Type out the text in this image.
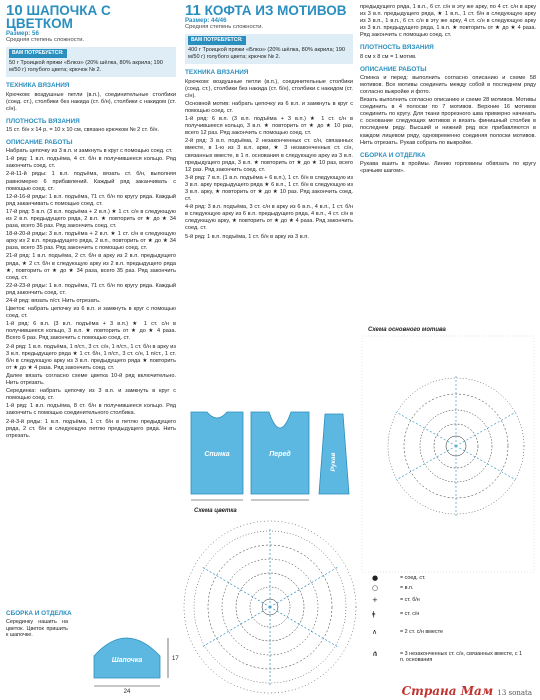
10 ШАПОЧКА С ЦВЕТКОМ
Размер: 56
Средняя степень сложности.
ВАМ ПОТРЕБУЕТСЯ:
50 г Троицкой пряжи «Блюз» (20% шёлка, 80% акрила; 190 м/50 г) голубого цвета; крючок № 2.
ТЕХНИКА ВЯЗАНИЯ
Крючком: воздушные петли (в.п.), соединительные столбики (соед. ст.), столбики без накида (ст. б/н), столбики с накидом (ст. с/н).
ПЛОТНОСТЬ ВЯЗАНИЯ
15 ст. б/н x 14 р. = 10 x 10 см, связано крючком № 2 ст. б/н.
ОПИСАНИЕ РАБОТЫ
Набрать цепочку из 3 в.п. и замкнуть в круг с помощью соед. ст.
1-й ряд: 1 в.п. подъёма, 4 ст. б/н в получившееся кольцо. Ряд закончить соед. ст.
2-й-11-й ряды: 1 в.п. подъёма, вязать ст. б/н, выполняя равномерно 6 прибавлений. Каждый ряд заканчивать с помощью соед. ст.
12-й-16-й ряды: 1 в.п. подъёма, 71 ст. б/н по кругу ряда. Каждый ряд заканчивать с помощью соед. ст.
17-й ряд: 5 в.п. (3 в.п. подъёма + 2 в.п.) ★ 1 ст. с/н в следующую из 2 в.п. предыдущего ряда, 2 в.п. ★ повторить от ★ до ★ 34 раза, всего 36 раз. Ряд закончить соед. ст.
18-й-20-й ряды: 3 в.п. подъёма + 2 в.п. ★ 1 ст. с/н в следующую арку из 2 в.п. предыдущего ряда, 2 в.п., повторить от ★ до ★ 34 раза, всего 35 раз. Ряд закончить с помощью соед. ст.
21-й ряд: 1 в.п. подъёма, 2 ст. б/н в арку из 2 в.п. предыдущего ряда, ★ 2 ст. б/н в следующую арку из 2 в.п. предыдущего ряда ★, повторить от ★ до ★ 34 раза, всего 35 раз. Ряд закончить соед. ст.
22-й-23-й ряды: 1 в.п. подъёма, 71 ст. б/н по кругу ряда. Каждый ряд закончить соед. ст.
24-й ряд: вязать п/ст. Нить отрезать.
Цветок: набрать цепочку из 6 в.п. и замкнуть в круг с помощью соед. ст.
1-й ряд: 6 в.п. (3 в.п. подъёма + 3 в.п.) ★ 1 ст. с/н в получившееся кольцо, 3 в.п. ★ повторить от ★ до ★ 4 раза. Всего 6 раз. Ряд закончить с помощью соед. ст.
2-й ряд: 1 в.п. подъёма, 1 п/ст., 3 ст. с/н, 1 п/ст., 1 ст. б/н в арку из 3 в.п. предыдущего ряда ★ 1 ст. б/н, 1 п/ст., 3 ст. с/н, 1 п/ст., 1 ст. б/н в следующую арку из 3 в.п. предыдущего ряда ★ повторить от ★ до ★ 4 раза. Ряд закончить соед. ст.
Далее вязать согласно схеме цветка 10-й ряд включительно. Нить отрезать.
Серединка: набрать цепочку из 3 в.п. и замкнуть в круг с помощью соед. ст.
1-й ряд: 1 в.п. подъёма, 8 ст. б/н в получившееся кольцо. Ряд закончить с помощью соединительного столбика.
2-й-3-й ряды: 1 в.п. подъёма, 1 ст. б/н в петлю предыдущего ряда, 2 ст. б/н в следующую петлю предыдущего ряда. Нить отрезать.
СБОРКА И ОТДЕЛКА
Серединку нашить на цветок. Цветок пришить к шапочке.
Шапочка
24
17
11 КОФТА ИЗ МОТИВОВ
Размер: 44/46
Средняя степень сложности.
ВАМ ПОТРЕБУЕТСЯ:
400 г Троицкой пряжи «Блюз» (20% шёлка, 80% акрила; 190 м/50 г) голубого цвета; крючок № 2.
ТЕХНИКА ВЯЗАНИЯ
Крючком: воздушные петли (в.п.), соединительные столбики (соед. ст.), столбики без накида (ст. б/н), столбики с накидом (ст. с/н).
Основной мотив: набрать цепочку из 6 в.п. и замкнуть в круг с помощью соед. ст.
1-й ряд: 6 в.п. (3 в.п. подъёма + 3 в.п.) ★ 1 ст. с/н в получившееся кольцо, 3 в.п. ★ повторить от ★ до ★ 10 раз, всего 12 раз. Ряд закончить с помощью соед. ст.
2-й ряд: 3 в.п. подъёма, 2 незаконченных ст. с/н, связанных вместе, в 1-ю из 3 в.п. арки, ★ 3 незаконченных ст. с/н, связанных вместе, в 1 п. основания в следующую арку из 3 в.п. предыдущего ряда, 3 в.п. ★ повторить от ★ до ★ 10 раз, всего 12 раз. Ряд закончить соед. ст.
3-й ряд: 7 в.п. (1 в.п. подъёма + 6 в.п.), 1 ст. б/н в следующую из 3 в.п. арку предыдущего ряда ★ 6 в.п., 1 ст. б/н в следующую из 3 в.п. арку, ★ повторить от ★ до ★ 10 раз. Ряд закончить соед. ст.
4-й ряд: 3 в.п. подъёма, 3 ст. с/н в арку из 6 в.п., 4 в.п., 1 ст. б/н в следующую арку из 6 в.п. предыдущего ряда, 4 в.п., 4 ст. с/н в следующую арку, ★ повторить от ★ до ★ 4 раза. Ряд закончить соед. ст.
5-й ряд: 1 в.п. подъёма, 1 ст. б/н в арку из 3 в.п.
Спинка	Перед	Рукав
Схема цветка
предыдущего ряда, 1 в.п., 6 ст. с/н в эту же арку, по 4 ст. с/н в арку из 3 в.п. предыдущего ряда, ★ 1 в.п., 1 ст. б/н в следующую арку из 3 в.п., 1 в.п., 6 ст. с/н в эту же арку, 4 ст. с/н в следующую арку из 3 в.п. предыдущего ряда, 1 в.п. ★ повторить от ★ до ★ 4 раза. Ряд закончить с помощью соед. ст.
ПЛОТНОСТЬ ВЯЗАНИЯ
8 см x 8 см = 1 мотив.
ОПИСАНИЕ РАБОТЫ
Спинка и перед: выполнить согласно описанию и схеме 58 мотивов. Все мотивы соединить между собой в последнем ряду согласно выкройке и фото.
Вязать выполнить согласно описанию и схеме 28 мотивов. Мотивы соединить в 4 полоски по 7 мотивов. Верхние 16 мотивов соединить по кругу. Для ткани прорезного шва примерно начинать с основание следующих мотивов и вязать финишный столбик в последнем ряду. Высший и нижний ряд все прибавляются в каждом лицевом ряду, одновременно соединяя полоски мотивов. Нить отрезать. Рукав собрать по выкройке.
СБОРКА И ОТДЕЛКА
Рукава вшить в проймы. Линию горловины обвязать по кругу «рачьим шагом».
Схема основного мотива
●	= соед. ст.
○	= в.п.
+	= ст. б/н
ǂ	= ст. с/н
∧	= 2 ст. с/н вместе
⋔	= 3 незаконченных ст. с/н, связанных вместе, с 1 п. основания
Страна Мам 13 sonata
